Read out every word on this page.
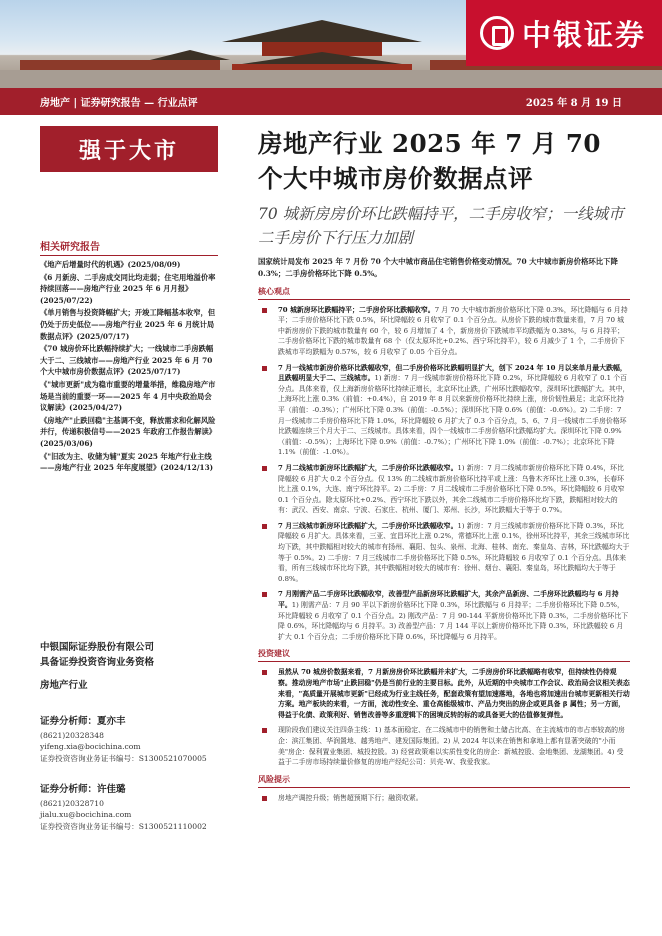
中银证券
房地产 | 证券研究报告 — 行业点评	2025 年 8 月 19 日
强于大市
相关研究报告
《地产后增量时代的机遇》(2025/08/09)
《6 月新房、二手房成交同比均走弱；住宅用地溢价率持续回落——房地产行业 2025 年 6 月月报》(2025/07/22)
《单月销售与投资降幅扩大；开竣工降幅基本收窄，但仍处于历史低位——房地产行业 2025 年 6 月统计局数据点评》(2025/07/17)
《70 城房价环比跌幅持续扩大；一线城市二手房跌幅大于二、三线城市——房地产行业 2025 年 6 月 70 个大中城市房价数据点评》(2025/07/17)
《"城市更新"成为稳市重要的增量举措，维稳房地产市场是当前的重要一环——2025 年 4 月中央政治局会议解读》(2025/04/27)
《房地产"止跌回稳"主基调不变，释放需求和化解风险并行，传递积极信号——2025 年政府工作报告解读》(2025/03/06)
《"旧改为主、收储为辅"夏实 2025 年地产行业主线——房地产行业 2025 年年度展望》(2024/12/13)
中银国际证券股份有限公司
具备证券投资咨询业务资格
房地产行业
证券分析师：夏亦丰
(8621)20328348
yifeng.xia@bocichina.com
证券投资咨询业务证书编号：S1300521070005
证券分析师：许佳璐
(8621)20328710
jialu.xu@bocichina.com
证券投资咨询业务证书编号：S1300521110002
房地产行业 2025 年 7 月 70 个大中城市房价数据点评
70 城新房房价环比跌幅持平，二手房收窄；一线城市二手房价下行压力加剧
国家统计局发布 2025 年 7 月份 70 个大中城市商品住宅销售价格变动情况。70 大中城市新房价格环比下降 0.3%；二手房价格环比下降 0.5%。
核心观点
70 城新房环比跌幅持平；二手房价环比跌幅收窄。7 月 70 大中城市新房价格环比下降 0.3%，环比降幅与 6 月持平；二手房价格环比下跌 0.5%，环比降幅较 6 月收窄了 0.1 个百分点。从房价下跌的城市数量来看，7 月 70 城中新房房价下跌的城市数量有 60 个，较 6 月增加了 4 个，新房房价下跌城市平均跌幅为 0.38%，与 6 月持平；二手房价格环比下跌的城市数量有 68 个（仅太原环比+0.2%、西宁环比持平），较 6 月减少了 1 个，二手房价下跌城市平均跌幅为 0.57%，较 6 月收窄了 0.05 个百分点。
7 月一线城市新房价格环比跌幅收窄，但二手房价格环比跌幅明显扩大，创下 2024 年 10 月以来单月最大跌幅，且跌幅明显大于二、三线城市。1) 新房：7 月一线城市新房价格环比下降 0.2%，环比降幅较 6 月收窄了 0.1 个百分点。具体来看，仅上海新房价格环比持续正增长，北京环比止跌，广州环比跌幅收窄，深圳环比跌幅扩大。其中，上海环比上涨 0.3%（前值：+0.4%），自 2019 年 8 月以来新房价格环比持续上涨，房价韧性最足；北京环比持平（前值：-0.3%）；广州环比下降 0.3%（前值：-0.5%）；深圳环比下降 0.6%（前值：-0.6%）。2) 二手房：7 月一线城市二手房价格环比下降 1.0%，环比降幅较 6 月扩大了 0.3 个百分点，5、6、7 月一线城市二手房价格环比跌幅连续三个月大于二、三线城市。具体来看，四个一线城市二手房价格环比跌幅均扩大。深圳环比下降 0.9%（前值：-0.5%）；上海环比下降 0.9%（前值：-0.7%）；广州环比下降 1.0%（前值：-0.7%）；北京环比下降 1.1%（前值：-1.0%）。
7 月二线城市新房环比跌幅扩大，二手房价环比跌幅收窄。1) 新房：7 月二线城市新房价格环比下降 0.4%，环比降幅较 6 月扩大 0.2 个百分点。仅 13% 的二线城市新房价格环比持平或上涨：乌鲁木齐环比上涨 0.3%，长春环比上涨 0.1%，大连、南宁环比持平。2) 二手房：7 月二线城市二手房价格环比下降 0.5%，环比降幅较 6 月收窄 0.1 个百分点。除太原环比+0.2%、西宁环比下跌以外，其余二线城市二手房价格环比均下跌，跌幅相对较大的有：武汉、西安、南京、宁波、石家庄、杭州、厦门、郑州、长沙，环比跌幅大于等于 0.7%。
7 月三线城市新房环比跌幅扩大，二手房价环比跌幅收窄。1) 新房：7 月三线城市新房价格环比下降 0.3%，环比降幅较 6 月扩大。具体来看，三亚、宜昌环比上涨 0.2%，常德环比上涨 0.1%，徐州环比持平，其余三线城市环比均下跌，其中跌幅相对较大的城市有扬州、襄阳、包头、泉州、北海、桂林、南充、秦皇岛、吉林，环比跌幅均大于等于 0.5%。2) 二手房：7 月三线城市二手房价格环比下降 0.5%，环比降幅较 6 月收窄了 0.1 个百分点。具体来看，所有三线城市环比均下跌，其中跌幅相对较大的城市有：徐州、烟台、襄阳、秦皇岛，环比跌幅均大于等于 0.8%。
7 月刚需产品二手房环比跌幅收窄，改善型产品新房环比跌幅扩大，其余产品新房、二手房环比跌幅均与 6 月持平。1) 刚需产品：7 月 90 平以下新房价格环比下降 0.3%，环比跌幅与 6 月持平；二手房价格环比下降 0.5%，环比降幅较 6 月收窄了 0.1 个百分点。2) 刚改产品：7 月 90-144 平新房价格环比下降 0.3%，二手房价格环比下降 0.6%，环比降幅均与 6 月持平。3) 改善型产品：7 月 144 平以上新房价格环比下降 0.3%，环比跌幅较 6 月扩大 0.1 个百分点；二手房价格环比下降 0.6%，环比降幅与 6 月持平。
投资建议
虽然从 70 城房价数据来看，7 月新房房价环比跌幅并未扩大，二手房房价环比跌幅略有收窄，但持续性仍待观察。推动房地产市场"止跌回稳"仍是当前行业的主要目标。此外，从近期的中央城市工作会议、政治局会议相关表态来看，"高质量开展城市更新"已经成为行业主线任务，配套政策有望加速落地，各地也将加速出台城市更新相关行动方案。地产板块的来看，一方面，流动性安全、重仓高能级城市、产品力突出的房企或更具备 β 属性；另一方面，得益于化债、政策利好、销售改善等多重逻辑下的困境反转的标的或具备更大的估值修复弹性。
现阶段我们建议关注四条主线：1) 基本面稳定、在二线城市中的销售和土储占比高、在主流城市的市占率较高的房企：滨江集团、华润置地、越秀地产、建发国际集团。2) 从 2024 年以来在销售和拿地上都有显著突破的"小而美"房企：保利置业集团、城投控股。3) 经营政策难以实质性变化的房企：新城控股、金地集团、龙湖集团。4) 受益于二手房市场持续量价修复的房地产经纪公司：贝壳-W、我爱我家。
风险提示
房地产调控升级；销售超预期下行；融资收紧。
